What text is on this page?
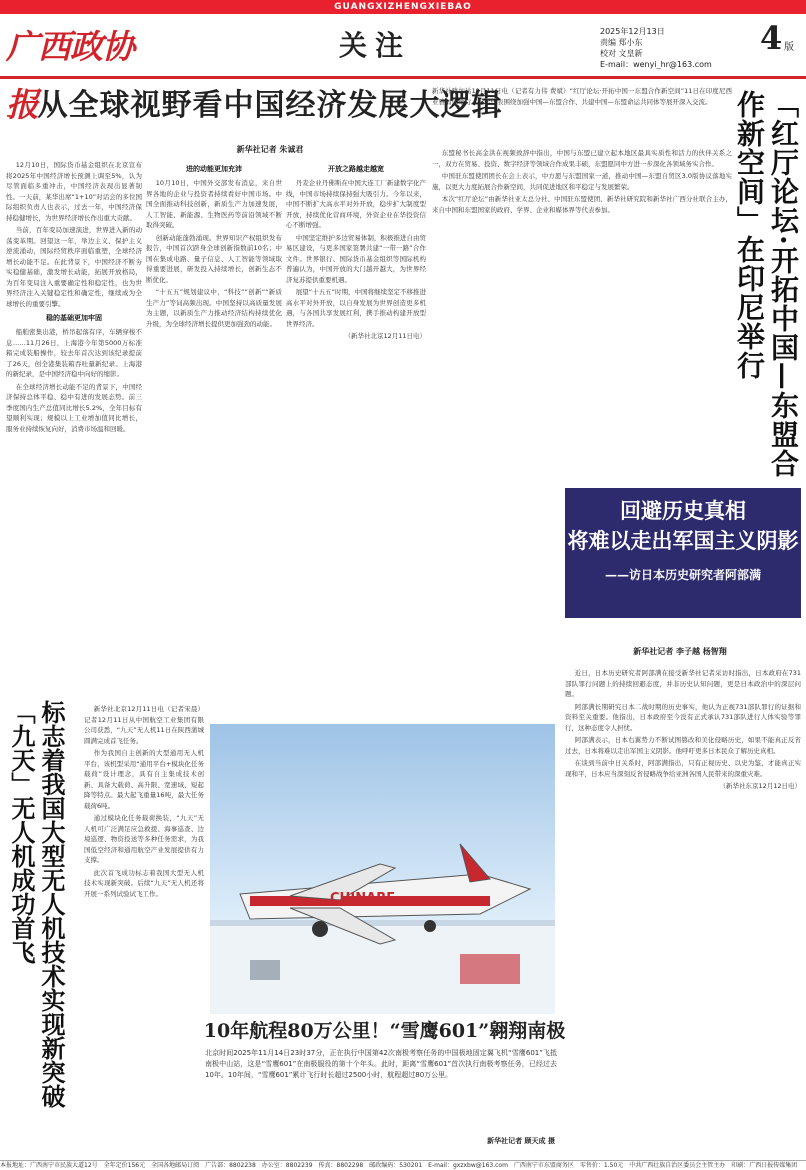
GUANGXIZHENGXIEBAO
广西政协报
关注	2025年12月13日
责编 郑小东
校对 文皇新
E-mail：wenyi_hr@163.com
4 版
从全球视野看中国经济发展大逻辑
新华社记者 朱诚君

12月10日，国际货币基金组织在北京宣布将2025年中国经济增长预测上调至5%，认为尽管面临多重冲击，中国经济表现出显著韧性。一天前，某华出席“1+10”对话会的多位国际组织负责人也表示，过去一年，中国经济保持稳健增长，为世界经济增长作出重大贡献。

当前，百年变局加速演进，世界进入新的动荡变革期。回望这一年，举边主义、保护主义逆流涌动，国际经贸秩序面临重塑，全球经济增长动能不足。在此背景下，中国经济不断夯实稳健基础，激发增长动能，拓展开放格局，为百年变局注入重要确定性和稳定性，也为世界经济注入关键稳定性和确定性，继续成为全球增长的重要引擎。

稳的基础更加牢固

船舶密集出港，桥吊起落有序，车辆穿梭不息……11月26日，上海港今年第5000万标准箱完成装船操作，较去年首次达到该纪录提前了26天，创全港集装箱吞吐量新纪录。上海港的新纪录，是中国经济稳中向好的缩影。

在全球经济增长动能不足的背景下，中国经济保持总体平稳、稳中有进的发展态势。前三季度国内生产总值同比增长5.2%，全年目标有望顺利实现；规模以上工业增加值同比增长，服务业持续恢复向好，消费市场温和回暖。

进的动能更加充沛

10月10日，中国外交部发布消息，来自世界各地的企业与投资者持续看好中国市场。中国全面推动科技创新，新质生产力加速发展，人工智能、新能源、生物医药等前沿领域不断取得突破。

创新动能蓬勃涌现。世界知识产权组织发布报告，中国首次跻身全球创新指数前10名；中国在集成电路、量子信息、人工智能等领域取得重要进展，研发投入持续增长，创新生态不断优化。

“十五五”规划建议中，“科技”“创新”“新质生产力”等词高频出现。中国坚持以高质量发展为主题，以新质生产力推动经济结构持续优化升级，为全球经济增长提供更加强劲的动能。

开放之路越走越宽

丹麦企业丹佛斯在中国大连工厂新建数字化产线，中国市场持续保持强大吸引力。今年以来，中国不断扩大高水平对外开放，稳步扩大制度型开放，持续优化营商环境，外资企业在华投资信心不断增强。

中国坚定维护多边贸易体制，积极推进自由贸易区建设，与更多国家签署共建“一带一路”合作文件。世界银行、国际货币基金组织等国际机构普遍认为，中国开放的大门越开越大，为世界经济复苏提供重要机遇。

展望“十五五”时期，中国将继续坚定不移推进高水平对外开放，以自身发展为世界创造更多机遇，与各国共享发展红利，携手推动构建开放型世界经济。

（新华社北京12月11日电）

新华社雅加达12月11日电（记者有力伟 费斌）“红厅论坛·开拓中国一东盟合作新空间”11日在印度尼西亚雅加达举行。与会代表围绕加强中国—东盟合作、共建中国—东盟命运共同体等展开深入交流。	「红厅论坛·开拓中国—东盟合作新空间」在印尼举行

东盟秘书长高金洪在视频致辞中指出，中国与东盟已建立起本地区最具实质性和活力的伙伴关系之一，双方在贸易、投资、数字经济等领域合作成果丰硕，东盟愿同中方进一步深化各领域务实合作。

中国驻东盟使团团长在会上表示，中方愿与东盟国家一道，推动中国—东盟自贸区3.0版协议落地实施，以更大力度拓展合作新空间，共同促进地区和平稳定与发展繁荣。

本次“红厅论坛”由新华社亚太总分社、中国驻东盟使团、新华社研究院和新华社广西分社联合主办，来自中国和东盟国家的政府、学界、企业和媒体界等代表参加。

回避历史真相
将难以走出军国主义阴影
——访日本历史研究者阿部满
新华社记者 李子越 杨智翔

近日，日本历史研究者阿部满在接受新华社记者采访时指出，日本政府在731部队罪行问题上的持续回避态度，并非历史认知问题，更是日本政治中的深层问题。

阿部满长期研究日本二战时期的历史事实，他认为正视731部队罪行的证据和资料至关重要。他指出，日本政府至今没有正式承认731部队进行人体实验等罪行，这种态度令人担忧。

阿部满表示，日本右翼势力不断试图篡改和美化侵略历史，如果不能真正反省过去，日本将难以走出军国主义阴影。他呼吁更多日本民众了解历史真相。

在谈到当前中日关系时，阿部满指出，只有正视历史、以史为鉴，才能真正实现和平，日本应当深刻反省侵略战争给亚洲各国人民带来的深重灾难。

（新华社东京12月12日电）

标志着我国大型无人机技术实现新突破「九天」无人机成功首飞	新华社北京12月11日电（记者宋晨）记者12月11日从中国航空工业集团有限公司获悉，“九天”无人机11日在陕西蒲城圆满完成首飞任务。

作为我国自主创新的大型通用无人机平台，该机型采用“通用平台+模块化任务载荷”设计理念，具有自主集成技术创新、具备大载荷、高升限、宽速域、短起降等特点。最大起飞重量16吨，最大任务载荷6吨。

通过模块化任务载荷换装，“九天”无人机可广泛满足应急救援、海事巡查、边境巡逻、物资投送等多种任务需求，为我国低空经济和通用航空产业发展提供有力支撑。

此次首飞成功标志着我国大型无人机技术实现新突破。后续“九天”无人机还将开展一系列试验试飞工作。	CHINARE
10年航程80万公里！“雪鹰601”翱翔南极
北京时间2025年11月14日23时37分，正在执行中国第42次南极考察任务的中国极地固定翼飞机“雪鹰601”飞抵南极中山站，这是“雪鹰601”在南极服役的第十个年头。此时，距离“雪鹰601”首次执行南极考察任务，已经过去10年。10年间，“雪鹰601”累计飞行时长超过2500小时，航程超过80万公里。
新华社记者 顾天成 摄
本报地址：广西南宁市民族大道12号　全年定价156元　全国各地邮局订阅　广告部：8802238　办公室：8802239　传真：8802298　邮政编码：530201　E-mail：gxzxbw@163.com　广西南宁市东盟商务区　零售价：1.50元　中共广西壮族自治区委员会主管主办　印刷：广西日报传媒集团
